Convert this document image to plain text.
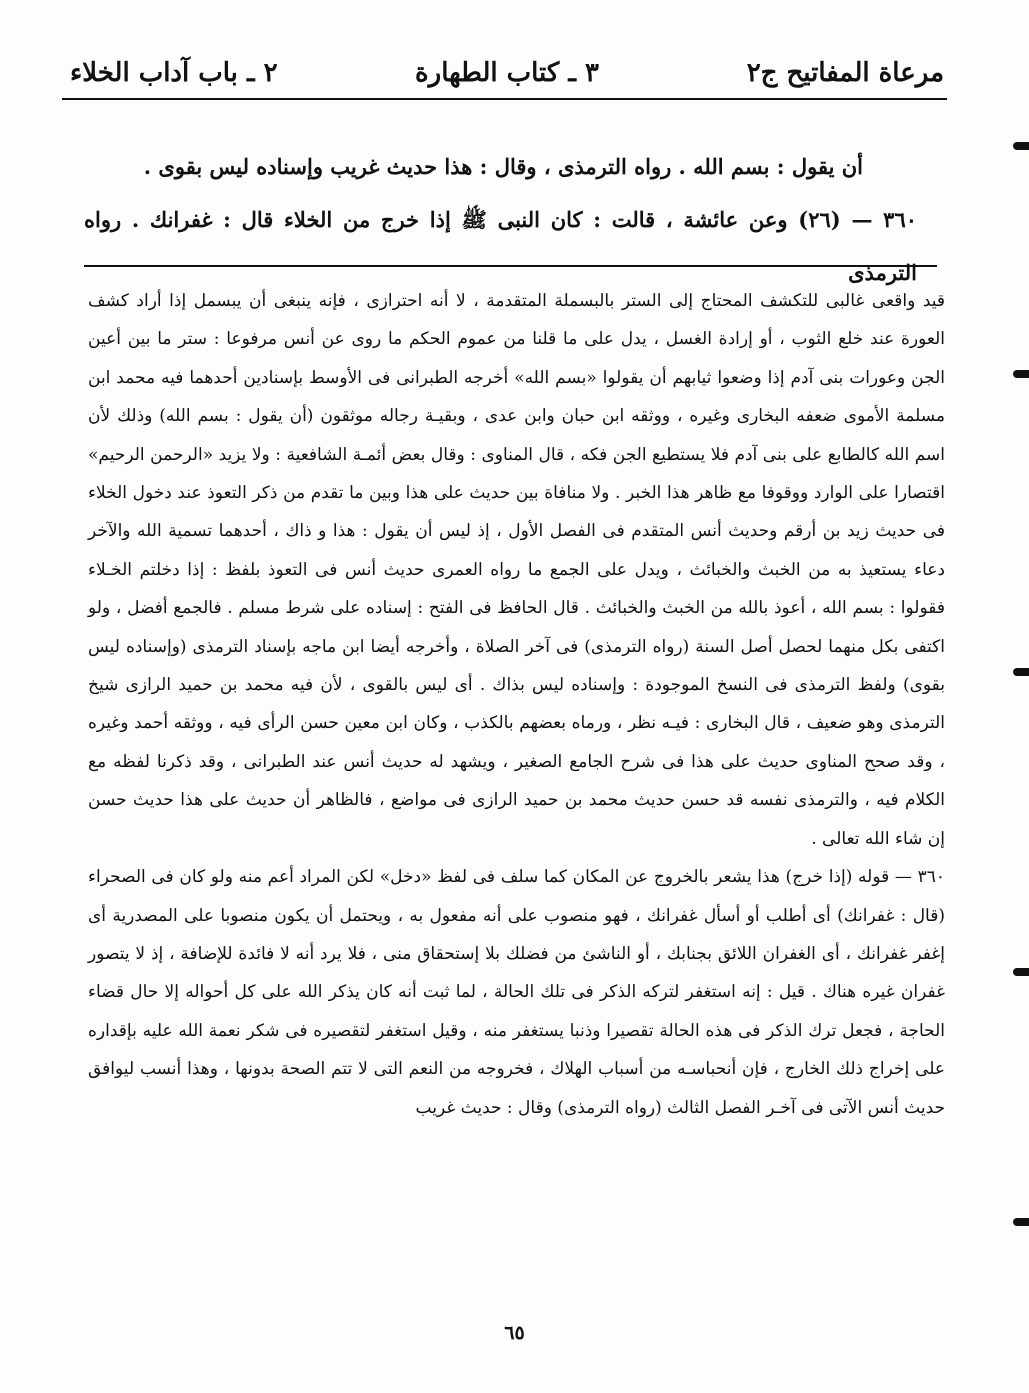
مرعاة المفاتيح ج٢
٣ ـ كتاب الطهارة
٢ ـ باب آداب الخلاء

أن يقول : بسم الله . رواه الترمذى ، وقال : هذا حديث غريب وإسناده ليس بقوى .

٣٦٠ — (٢٦) وعن عائشة ، قالت : كان النبى ﷺ إذا خرج من الخلاء قال : غفرانك . رواه الترمذى

قيد واقعى غالبى للتكشف المحتاج إلى الستر بالبسملة المتقدمة ، لا أنه احترازى ، فإنه ينبغى أن يبسمل إذا أراد كشف العورة عند خلع الثوب ، أو إرادة الغسل ، يدل على ما قلنا من عموم الحكم ما روى عن أنس مرفوعا : ستر ما بين أعين الجن وعورات بنى آدم إذا وضعوا ثيابهم أن يقولوا «بسم الله» أخرجه الطبرانى فى الأوسط بإسنادين أحدهما فيه محمد ابن مسلمة الأموى ضعفه البخارى وغيره ، ووثقه ابن حبان وابن عدى ، وبقيـة رجاله موثقون (أن يقول : بسم الله) وذلك لأن اسم الله كالطابع على بنى آدم فلا يستطيع الجن فكه ، قال المناوى : وقال بعض أئمـة الشافعية : ولا يزيد «الرحمن الرحيم» اقتصارا على الوارد ووقوفا مع ظاهر هذا الخبر . ولا منافاة بين حديث على هذا وبين ما تقدم من ذكر التعوذ عند دخول الخلاء فى حديث زيد بن أرقم وحديث أنس المتقدم فى الفصل الأول ، إذ ليس أن يقول : هذا و ذاك ، أحدهما تسمية الله والآخر دعاء يستعيذ به من الخبث والخبائث ، ويدل على الجمع ما رواه العمرى حديث أنس فى التعوذ بلفظ : إذا دخلتم الخـلاء فقولوا : بسم الله ، أعوذ بالله من الخبث والخبائث . قال الحافظ فى الفتح : إسناده على شرط مسلم . فالجمع أفضل ، ولو اكتفى بكل منهما لحصل أصل السنة (رواه الترمذى) فى آخر الصلاة ، وأخرجه أيضا ابن ماجه بإسناد الترمذى (وإسناده ليس بقوى) ولفظ الترمذى فى النسخ الموجودة : وإسناده ليس بذاك . أى ليس بالقوى ، لأن فيه محمد بن حميد الرازى شيخ الترمذى وهو ضعيف ، قال البخارى : فيـه نظر ، ورماه بعضهم بالكذب ، وكان ابن معين حسن الرأى فيه ، ووثقه أحمد وغيره ، وقد صحح المناوى حديث على هذا فى شرح الجامع الصغير ، ويشهد له حديث أنس عند الطبرانى ، وقد ذكرنا لفظه مع الكلام فيه ، والترمذى نفسه قد حسن حديث محمد بن حميد الرازى فى مواضع ، فالظاهر أن حديث على هذا حديث حسن إن شاء الله تعالى .

٣٦٠ — قوله (إذا خرج) هذا يشعر بالخروج عن المكان كما سلف فى لفظ «دخل» لكن المراد أعم منه ولو كان فى الصحراء (قال : غفرانك) أى أطلب أو أسأل غفرانك ، فهو منصوب على أنه مفعول به ، ويحتمل أن يكون منصوبا على المصدرية أى إغفر غفرانك ، أى الغفران اللائق بجنابك ، أو الناشئ من فضلك بلا إستحقاق منى ، فلا يرد أنه لا فائدة للإضافة ، إذ لا يتصور غفران غيره هناك . قيل : إنه استغفر لتركه الذكر فى تلك الحالة ، لما ثبت أنه كان يذكر الله على كل أحواله إلا حال قضاء الحاجة ، فجعل ترك الذكر فى هذه الحالة تقصيرا وذنبا يستغفر منه ، وقيل استغفر لتقصيره فى شكر نعمة الله عليه بإقداره على إخراج ذلك الخارج ، فإن أنحباسـه من أسباب الهلاك ، فخروجه من النعم التى لا تتم الصحة بدونها ، وهذا أنسب ليوافق حديث أنس الآتى فى آخـر الفصل الثالث (رواه الترمذى) وقال : حديث غريب

٦٥
